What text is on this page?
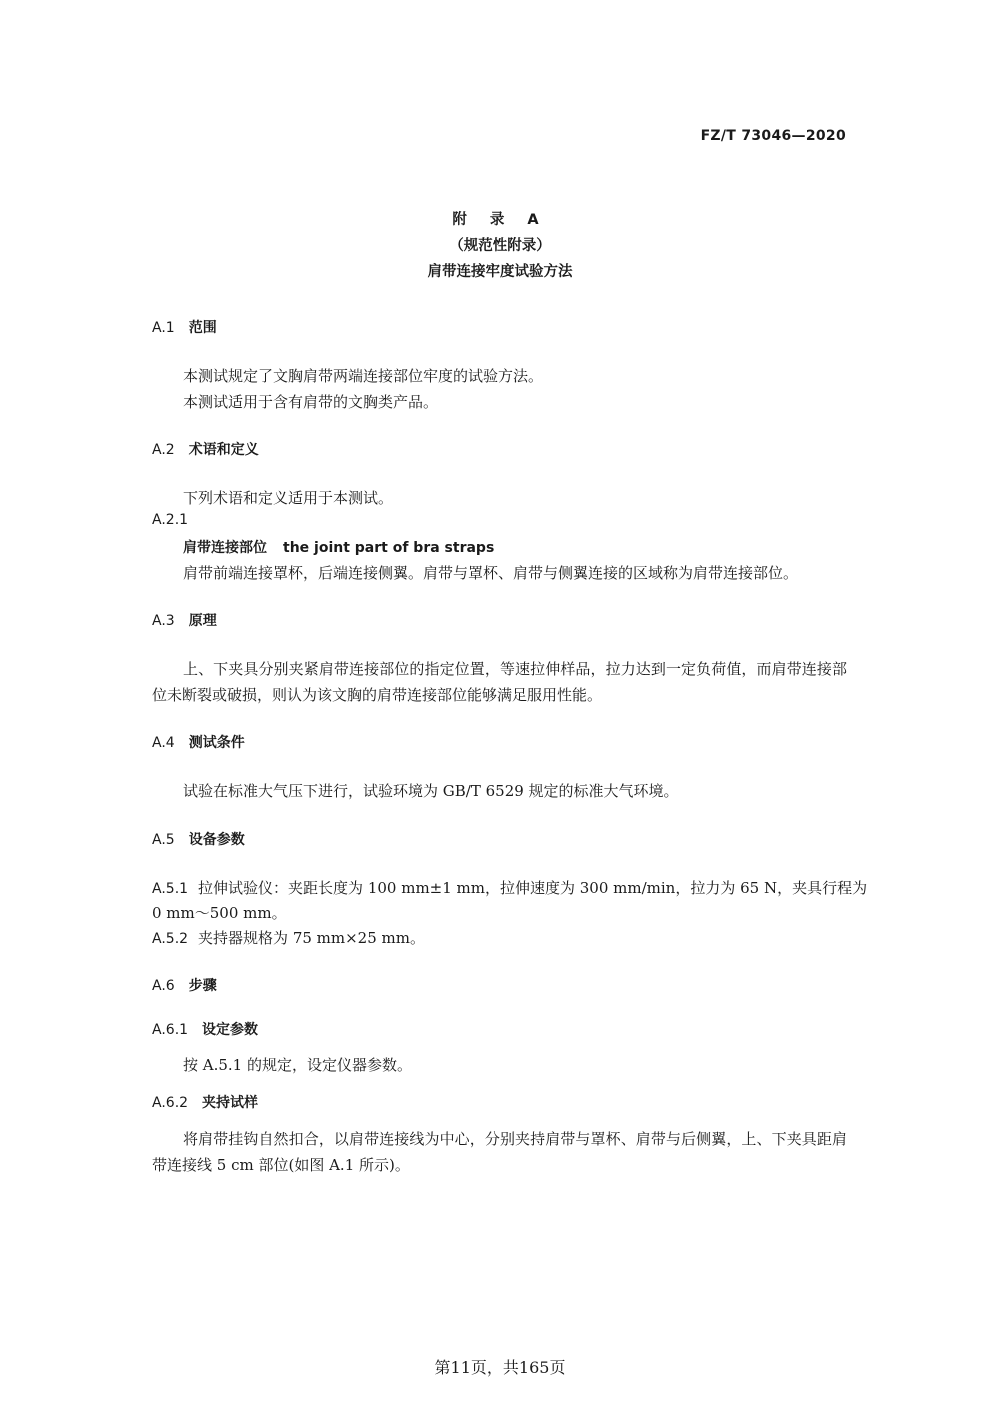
FZ/T 73046—2020
附 录 A
（规范性附录）
肩带连接牢度试验方法
A.1 范围
本测试规定了文胸肩带两端连接部位牢度的试验方法。
本测试适用于含有肩带的文胸类产品。
A.2 术语和定义
下列术语和定义适用于本测试。
A.2.1
肩带连接部位 the joint part of bra straps
肩带前端连接罩杯，后端连接侧翼。肩带与罩杯、肩带与侧翼连接的区域称为肩带连接部位。
A.3 原理
上、下夹具分别夹紧肩带连接部位的指定位置，等速拉伸样品，拉力达到一定负荷值，而肩带连接部
位未断裂或破损，则认为该文胸的肩带连接部位能够满足服用性能。
A.4 测试条件
试验在标准大气压下进行，试验环境为 GB/T 6529 规定的标准大气环境。
A.5 设备参数
A.5.1 拉伸试验仪：夹距长度为 100 mm±1 mm，拉伸速度为 300 mm/min，拉力为 65 N，夹具行程为
0 mm～500 mm。
A.5.2 夹持器规格为 75 mm×25 mm。
A.6 步骤
A.6.1 设定参数
按 A.5.1 的规定，设定仪器参数。
A.6.2 夹持试样
将肩带挂钩自然扣合，以肩带连接线为中心，分别夹持肩带与罩杯、肩带与后侧翼，上、下夹具距肩
带连接线 5 cm 部位(如图 A.1 所示)。
第11页，共165页
